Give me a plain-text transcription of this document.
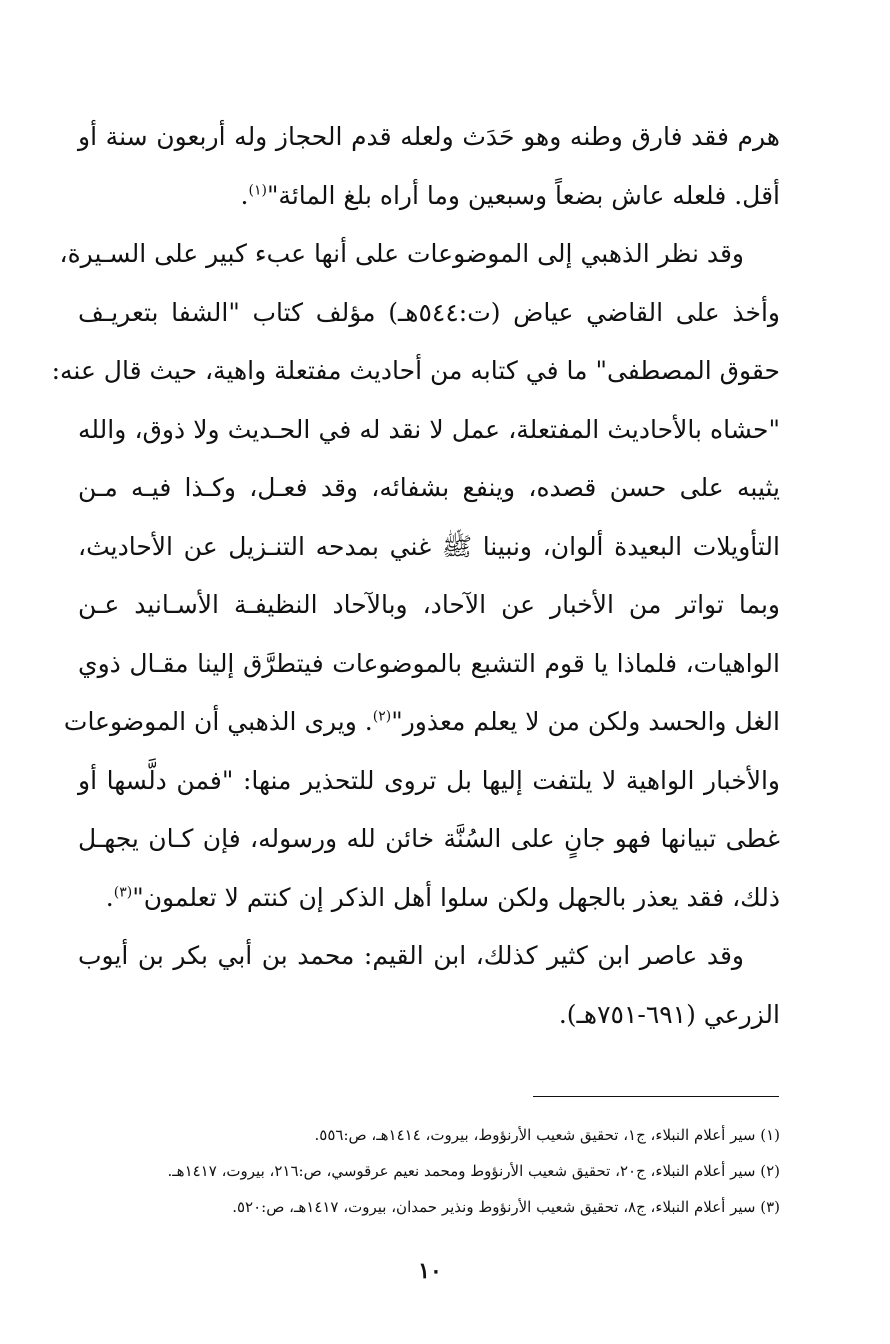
هرم فقد فارق وطنه وهو حَدَث ولعله قدم الحجاز وله أربعون سنة أو
أقل. فلعله عاش بضعاً وسبعين وما أراه بلغ المائة"$^{(١)}$.
وقد نظر الذهبي إلى الموضوعات على أنها عبء كبير على السـيرة،
وأخذ على القاضي عياض (ت:٥٤٤هـ) مؤلف كتاب "الشفا بتعريـف
حقوق المصطفى" ما في كتابه من أحاديث مفتعلة واهية، حيث قال عنه:
"حشاه بالأحاديث المفتعلة، عمل لا نقد له في الحـديث ولا ذوق، والله
يثيبه على حسن قصده، وينفع بشفائه، وقد فعـل، وكـذا فيـه مـن
التأويلات البعيدة ألوان، ونبينا ﷺ غني بمدحه التنـزيل عن الأحاديث،
وبما تواتر من الأخبار عن الآحاد، وبالآحاد النظيفـة الأسـانيد عـن
الواهيات، فلماذا يا قوم التشبع بالموضوعات فيتطرَّق إلينا مقـال ذوي
الغل والحسد ولكن من لا يعلم معذور"$^{(٢)}$. ويرى الذهبي أن الموضوعات
والأخبار الواهية لا يلتفت إليها بل تروى للتحذير منها: "فمن دلَّسها أو
غطى تبيانها فهو جانٍ على السُنَّة خائن لله ورسوله، فإن كـان يجهـل
ذلك، فقد يعذر بالجهل ولكن سلوا أهل الذكر إن كنتم لا تعلمون"$^{(٣)}$.
وقد عاصر ابن كثير كذلك، ابن القيم: محمد بن أبي بكر بن أيوب
الزرعي (٦٩١-٧٥١هـ).
(١) سير أعلام النبلاء، ج١، تحقيق شعيب الأرنؤوط، بيروت، ١٤١٤هـ، ص:٥٥٦.
(٢) سير أعلام النبلاء، ج٢٠، تحقيق شعيب الأرنؤوط ومحمد نعيم عرقوسي، ص:٢١٦، بيروت، ١٤١٧هـ.
(٣) سير أعلام النبلاء، ج٨، تحقيق شعيب الأرنؤوط ونذير حمدان، بيروت، ١٤١٧هـ، ص:٥٢٠.
١٠
